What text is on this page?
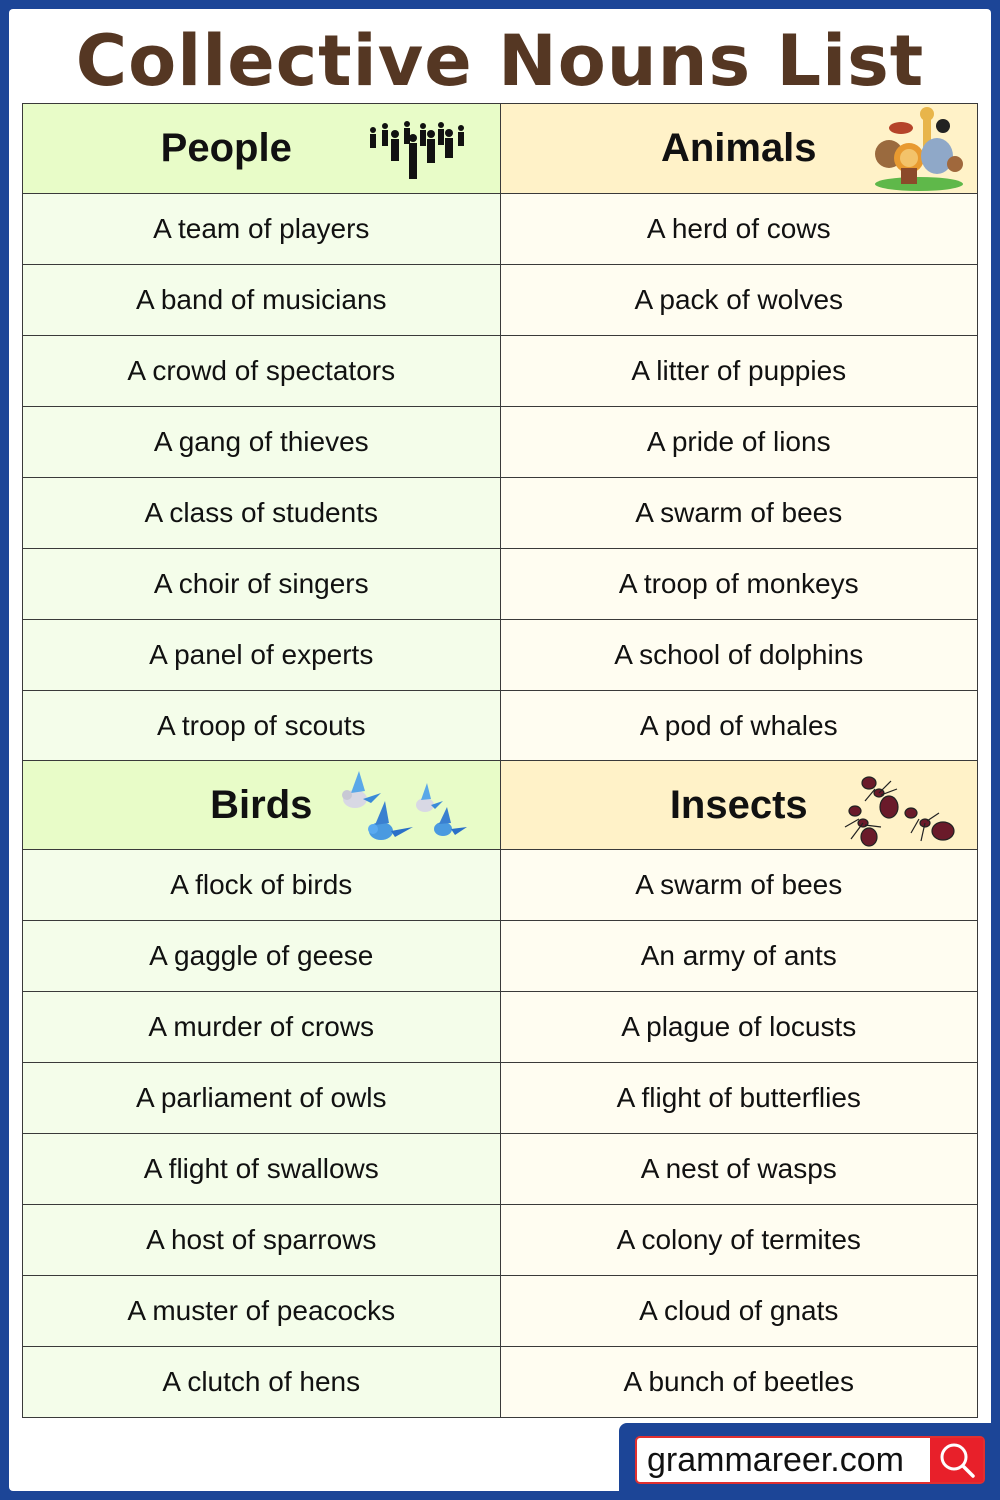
Collective Nouns List
People	Animals
A team of players	A herd of cows
A band of musicians	A pack of wolves
A crowd of spectators	A litter of puppies
A gang of thieves	A pride of lions
A class of students	A swarm of bees
A choir of singers	A troop of monkeys
A panel of experts	A school of dolphins
A troop of scouts	A pod of whales
Birds	Insects
A flock of birds	A swarm of bees
A gaggle of geese	An army of ants
A murder of crows	A plague of locusts
A parliament of owls	A flight of butterflies
A flight of swallows	A nest of wasps
A host of sparrows	A colony of termites
A muster of peacocks	A cloud of gnats
A clutch of hens	A bunch of beetles
grammareer.com
